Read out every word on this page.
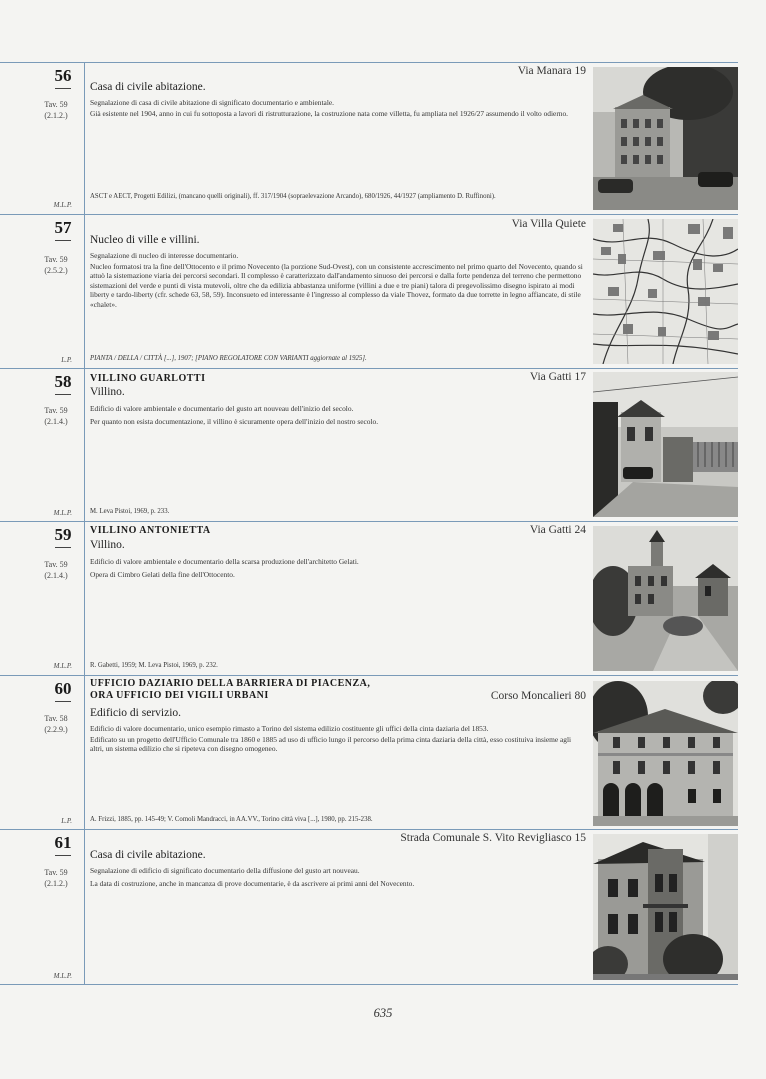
56
Tav. 59
(2.1.2.)
M.L.P.
Via Manara 19
Casa di civile abitazione.

Segnalazione di casa di civile abitazione di significato documentario e ambientale.

Già esistente nel 1904, anno in cui fu sottoposta a lavori di ristrutturazione, la costruzione nata come villetta, fu ampliata nel 1926/27 assumendo il volto odierno.

ASCT e AECT, Progetti Edilizi, (mancano quelli originali), ff. 317/1904 (sopraelevazione Arcando), 680/1926, 44/1927 (ampliamento D. Ruffinoni).
57
Tav. 59
(2.5.2.)
L.P.
Via Villa Quiete
Nucleo di ville e villini.

Segnalazione di nucleo di interesse documentario.

Nucleo formatosi tra la fine dell'Ottocento e il primo Novecento (la porzione Sud-Ovest), con un consistente accrescimento nel primo quarto del Novecento, quando si attuò la sistemazione viaria dei percorsi secondari. Il complesso è caratterizzato dall'andamento sinuoso dei percorsi e dalla forte pendenza del terreno che permettono sistemazioni del verde e punti di vista mutevoli, oltre che da edilizia abbastanza uniforme (villini a due e tre piani) talora di pregevolissimo disegno ispirato ai modi liberty e tardo-liberty (cfr. schede 63, 58, 59). Inconsueto ed interessante è l'ingresso al complesso da viale Thovez, formato da due torrette in legno affiancate, di stile «chalet».

PIANTA / DELLA / CITTÀ [...], 1907; [PIANO REGOLATORE CON VARIANTI aggiornate al 1925].
58
Tav. 59
(2.1.4.)
M.L.P.
Via Gatti 17
VILLINO GUARLOTTI
Villino.

Edificio di valore ambientale e documentario del gusto art nouveau dell'inizio del secolo.

Per quanto non esista documentazione, il villino è sicuramente opera dell'inizio del nostro secolo.

M. Leva Pistoi, 1969, p. 233.
59
Tav. 59
(2.1.4.)
M.L.P.
Via Gatti 24
VILLINO ANTONIETTA
Villino.

Edificio di valore ambientale e documentario della scarsa produzione dell'architetto Gelati.

Opera di Cimbro Gelati della fine dell'Ottocento.

R. Gabetti, 1959; M. Leva Pistoi, 1969, p. 232.
60
Tav. 58
(2.2.9.)
L.P.
Corso Moncalieri 80
UFFICIO DAZIARIO DELLA BARRIERA DI PIACENZA,
ORA UFFICIO DEI VIGILI URBANI
Edificio di servizio.

Edificio di valore documentario, unico esempio rimasto a Torino del sistema edilizio costituente gli uffici della cinta daziaria del 1853.

Edificato su un progetto dell'Ufficio Comunale tra 1860 e 1885 ad uso di ufficio lungo il percorso della prima cinta daziaria della città, esso costituiva insieme agli altri, un sistema edilizio che si ripeteva con disegno omogeneo.

A. Frizzi, 1885, pp. 145-49; V. Comoli Mandracci, in AA.VV., Torino città viva [...], 1980, pp. 215-238.
61
Tav. 59
(2.1.2.)
M.L.P.
Strada Comunale S. Vito Revigliasco 15
Casa di civile abitazione.

Segnalazione di edificio di significato documentario della diffusione del gusto art nouveau.

La data di costruzione, anche in mancanza di prove documentarie, è da ascrivere ai primi anni del Novecento.

635
